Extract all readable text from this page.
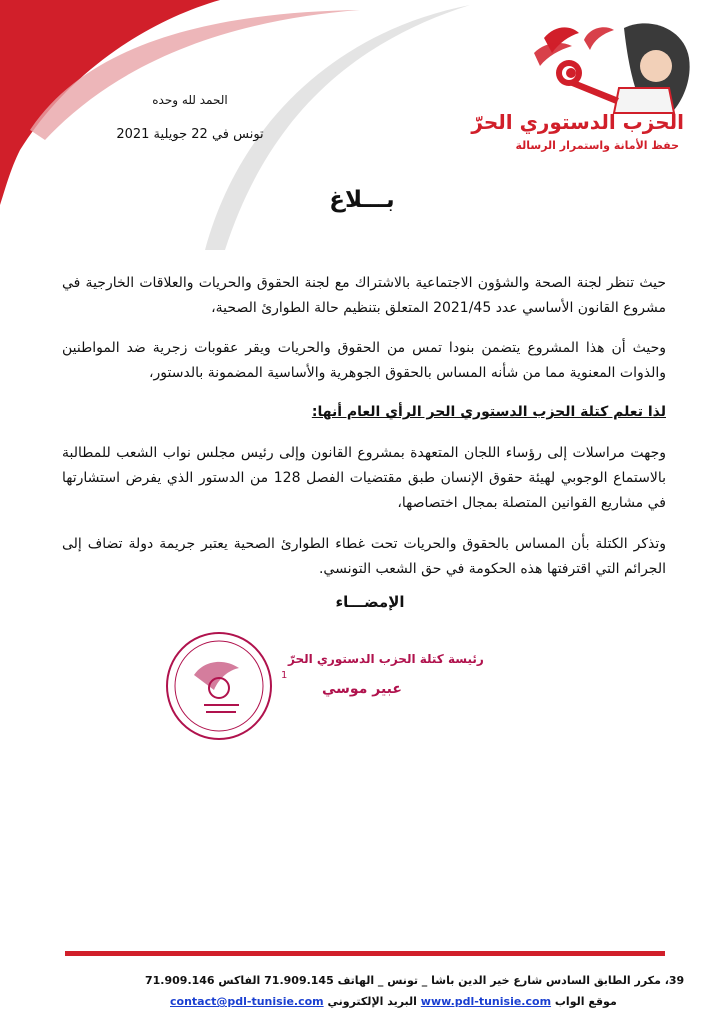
الحمد لله وحده
تونس في 22 جويلية 2021
الحزب الدستوري الحرّ
حفظ الأمانة واستمرار الرسالة
بـــلاغ
حيث تنظر لجنة الصحة والشؤون الاجتماعية بالاشتراك مع لجنة الحقوق والحريات والعلاقات الخارجية في مشروع القانون الأساسي عدد 2021/45 المتعلق بتنظيم حالة الطوارئ الصحية،
وحيث أن هذا المشروع يتضمن بنودا تمس من الحقوق والحريات ويقر عقوبات زجرية ضد المواطنين والذوات المعنوية مما من شأنه المساس بالحقوق الجوهرية والأساسية المضمونة بالدستور،
لذا تعلم كتلة الحزب الدستوري الحر الرأي العام أنها:
وجهت مراسلات إلى رؤساء اللجان المتعهدة بمشروع القانون وإلى رئيس مجلس نواب الشعب للمطالبة بالاستماع الوجوبي لهيئة حقوق الإنسان طبق مقتضيات الفصل 128 من الدستور الذي يفرض استشارتها في مشاريع القوانين المتصلة بمجال اختصاصها،
وتذكر الكتلة بأن المساس بالحقوق والحريات تحت غطاء الطوارئ الصحية يعتبر جريمة دولة تضاف إلى الجرائم التي اقترفتها هذه الحكومة في حق الشعب التونسي.
الإمضـــاء
1
رئيسة كتلة الحزب الدستوري الحرّ
عبير موسي
39، مكرر الطابق السادس شارع خير الدين باشا _ تونس _ الهاتف 71.909.145 الفاكس 71.909.146
موقع الواب www.pdl-tunisie.com البريد الإلكتروني contact@pdl-tunisie.com
